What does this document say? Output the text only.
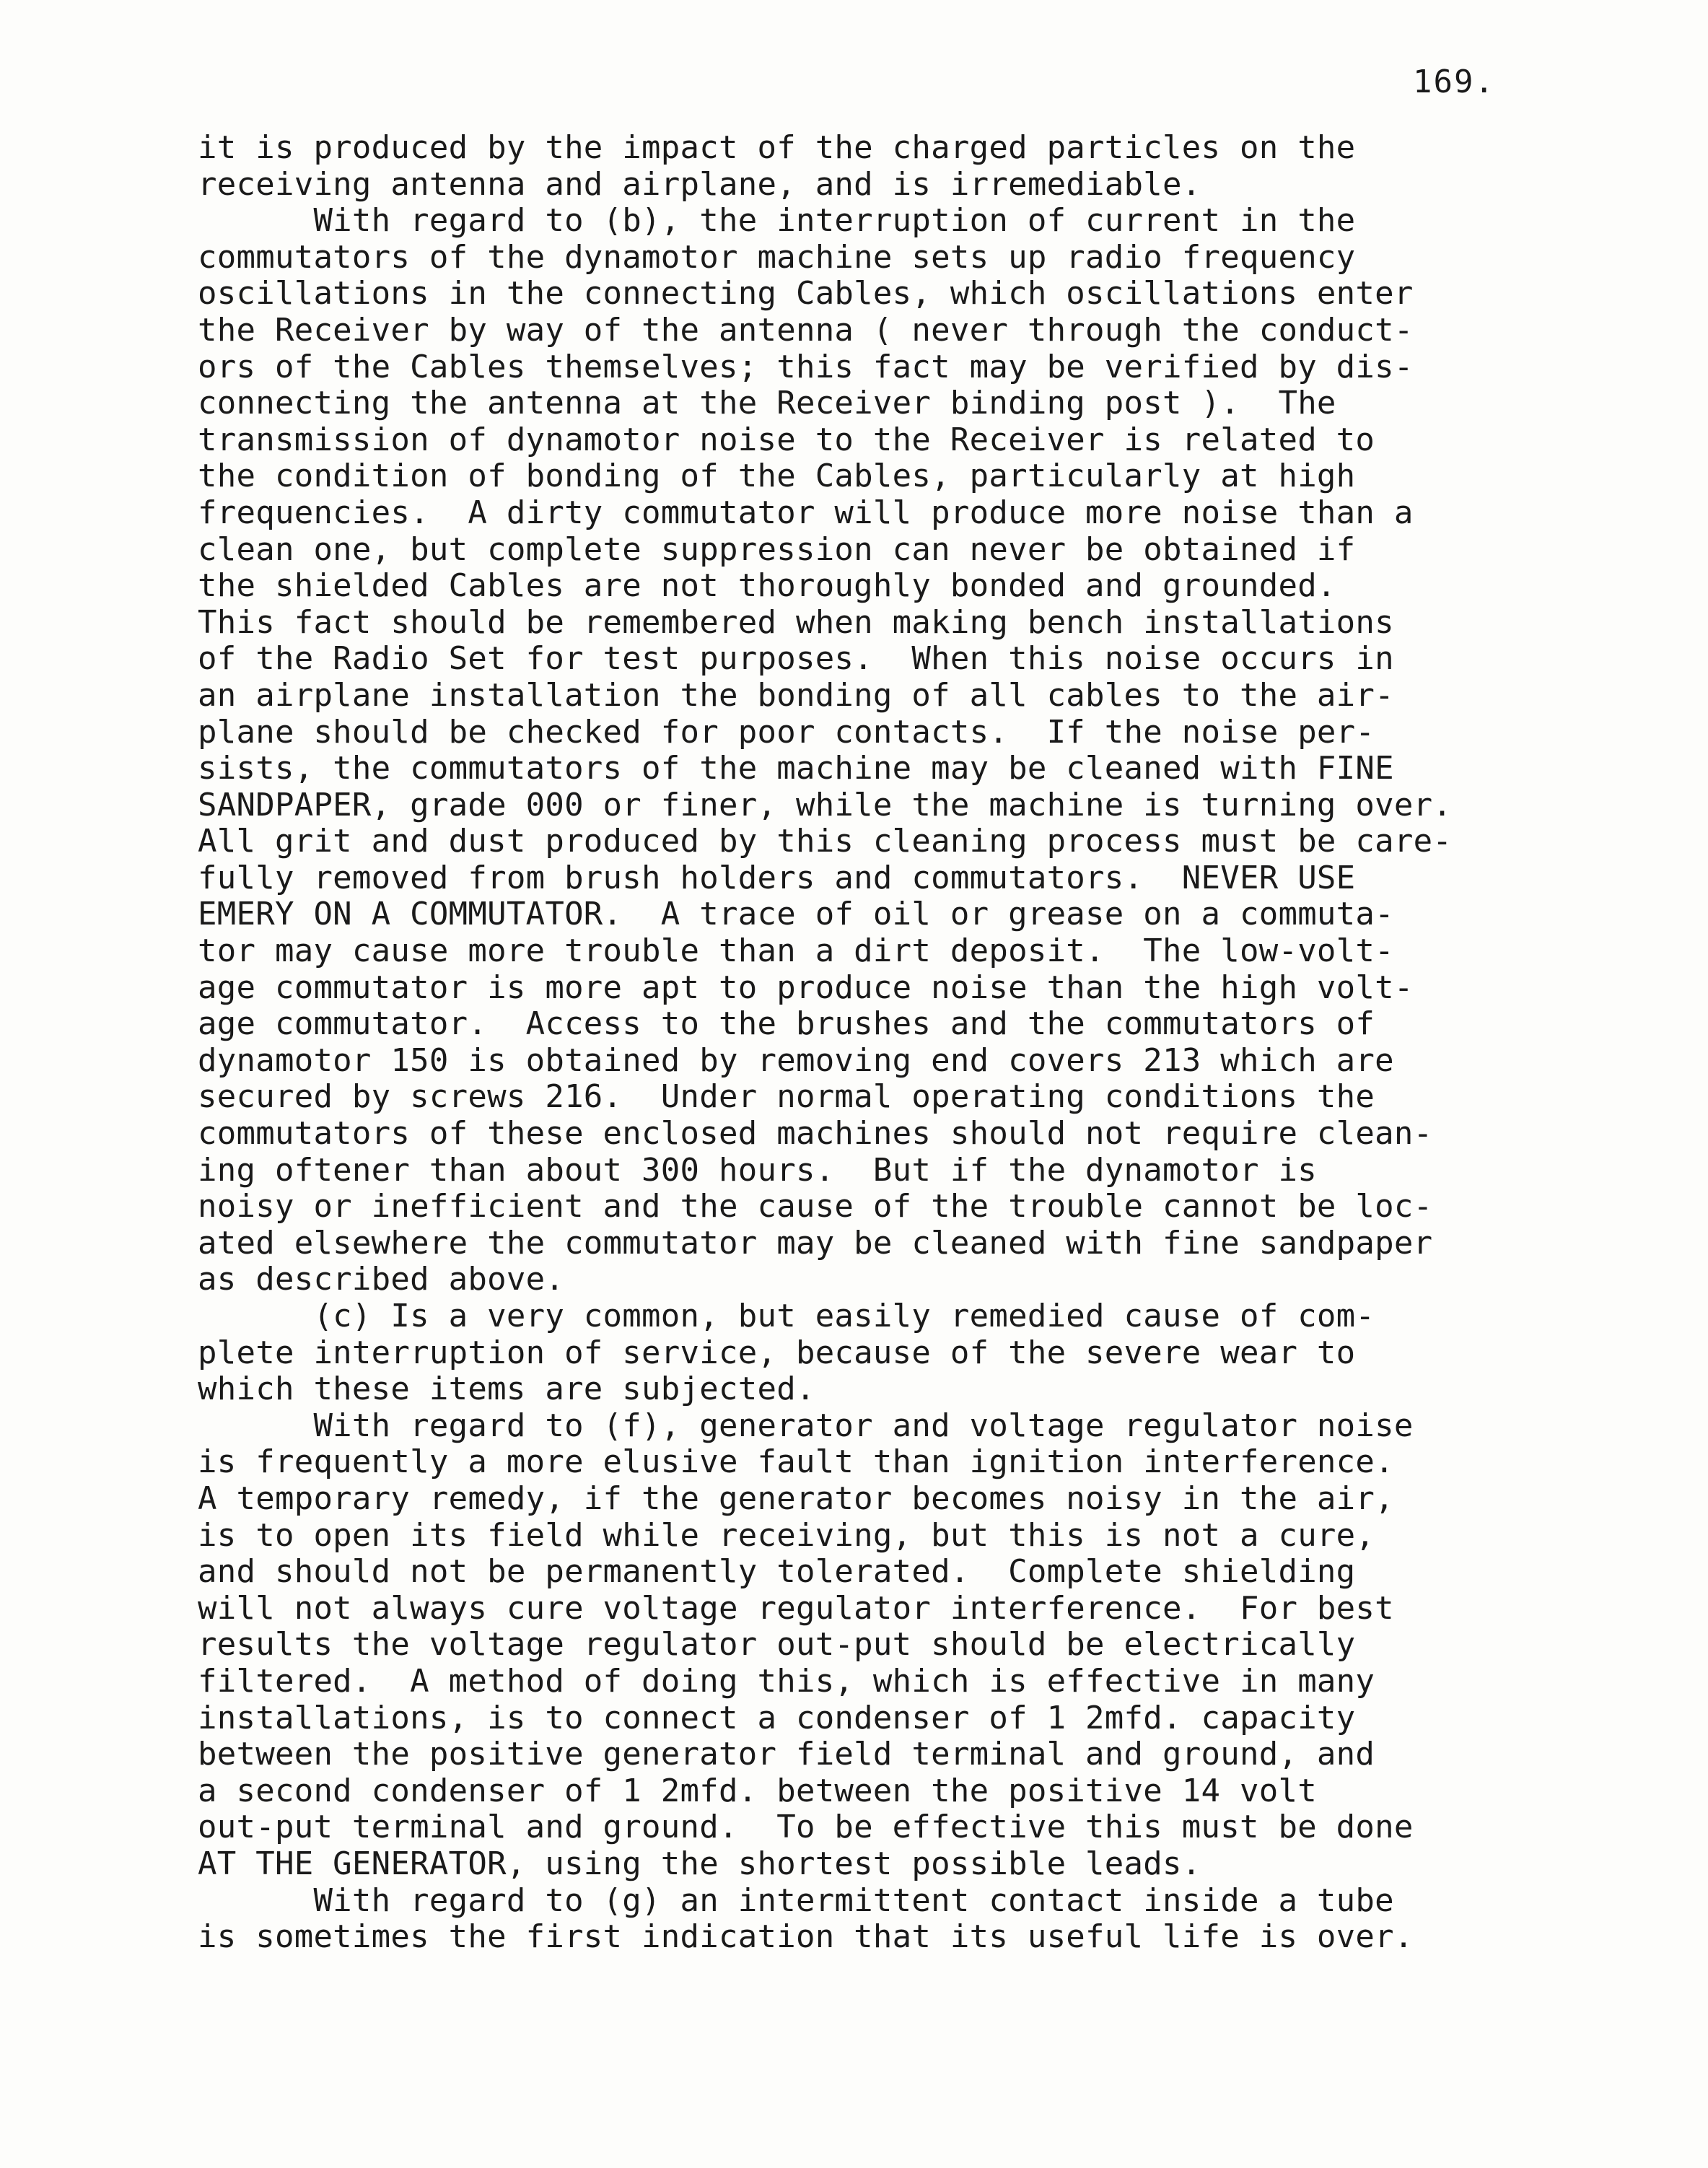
169.
it is produced by the impact of the charged particles on the
receiving antenna and airplane, and is irremediable.
With regard to (b), the interruption of current in the
commutators of the dynamotor machine sets up radio frequency
oscillations in the connecting Cables, which oscillations enter
the Receiver by way of the antenna ( never through the conduct-
ors of the Cables themselves; this fact may be verified by dis-
connecting the antenna at the Receiver binding post ).  The
transmission of dynamotor noise to the Receiver is related to
the condition of bonding of the Cables, particularly at high
frequencies.  A dirty commutator will produce more noise than a
clean one, but complete suppression can never be obtained if
the shielded Cables are not thoroughly bonded and grounded.
This fact should be remembered when making bench installations
of the Radio Set for test purposes.  When this noise occurs in
an airplane installation the bonding of all cables to the air-
plane should be checked for poor contacts.  If the noise per-
sists, the commutators of the machine may be cleaned with FINE
SANDPAPER, grade 000 or finer, while the machine is turning over.
All grit and dust produced by this cleaning process must be care-
fully removed from brush holders and commutators.  NEVER USE
EMERY ON A COMMUTATOR.  A trace of oil or grease on a commuta-
tor may cause more trouble than a dirt deposit.  The low-volt-
age commutator is more apt to produce noise than the high volt-
age commutator.  Access to the brushes and the commutators of
dynamotor 150 is obtained by removing end covers 213 which are
secured by screws 216.  Under normal operating conditions the
commutators of these enclosed machines should not require clean-
ing oftener than about 300 hours.  But if the dynamotor is
noisy or inefficient and the cause of the trouble cannot be loc-
ated elsewhere the commutator may be cleaned with fine sandpaper
as described above.
(c) Is a very common, but easily remedied cause of com-
plete interruption of service, because of the severe wear to
which these items are subjected.
With regard to (f), generator and voltage regulator noise
is frequently a more elusive fault than ignition interference.
A temporary remedy, if the generator becomes noisy in the air,
is to open its field while receiving, but this is not a cure,
and should not be permanently tolerated.  Complete shielding
will not always cure voltage regulator interference.  For best
results the voltage regulator out-put should be electrically
filtered.  A method of doing this, which is effective in many
installations, is to connect a condenser of 1 2mfd. capacity
between the positive generator field terminal and ground, and
a second condenser of 1 2mfd. between the positive 14 volt
out-put terminal and ground.  To be effective this must be done
AT THE GENERATOR, using the shortest possible leads.
With regard to (g) an intermittent contact inside a tube
is sometimes the first indication that its useful life is over.
